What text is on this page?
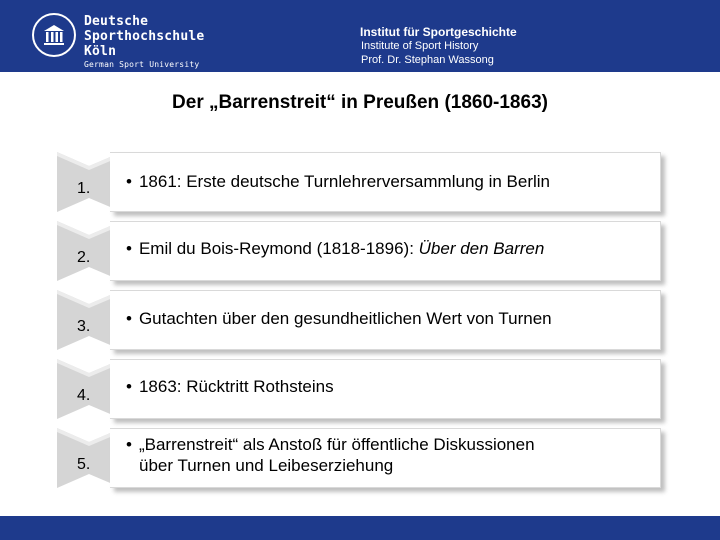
Deutsche
Sporthochschule Köln
German Sport University Cologne
Institut für Sportgeschichte
Institute of Sport History
Prof. Dr. Stephan Wassong
Der „Barrenstreit“ in Preußen (1860-1863)
1. • 1861: Erste deutsche Turnlehrerversammlung in Berlin
2. • Emil du Bois-Reymond (1818-1896): Über den Barren
3. • Gutachten über den gesundheitlichen Wert von Turnen
4. • 1863: Rücktritt Rothsteins
5.
• „Barrenstreit“ als Anstoß für öffentliche Diskussionen
über Turnen und Leibeserziehung
